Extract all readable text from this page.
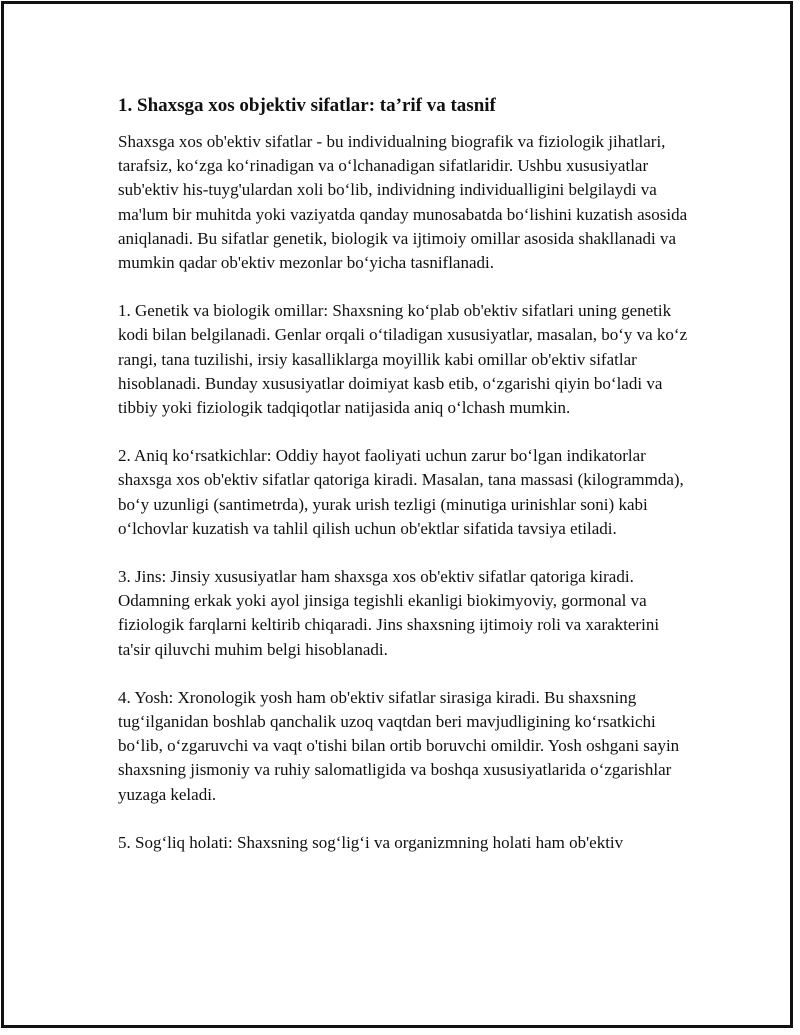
1. Shaxsga xos objektiv sifatlar: ta’rif va tasnif

Shaxsga xos ob'ektiv sifatlar - bu individualning biografik va fiziologik jihatlari, tarafsiz, ko‘zga ko‘rinadigan va o‘lchanadigan sifatlaridir. Ushbu xususiyatlar sub'ektiv his-tuyg'ulardan xoli bo‘lib, individning individualligini belgilaydi va ma'lum bir muhitda yoki vaziyatda qanday munosabatda bo‘lishini kuzatish asosida aniqlanadi. Bu sifatlar genetik, biologik va ijtimoiy omillar asosida shakllanadi va mumkin qadar ob'ektiv mezonlar bo‘yicha tasniflanadi.

1. Genetik va biologik omillar: Shaxsning ko‘plab ob'ektiv sifatlari uning genetik kodi bilan belgilanadi. Genlar orqali o‘tiladigan xususiyatlar, masalan, bo‘y va ko‘z rangi, tana tuzilishi, irsiy kasalliklarga moyillik kabi omillar ob'ektiv sifatlar hisoblanadi. Bunday xususiyatlar doimiyat kasb etib, o‘zgarishi qiyin bo‘ladi va tibbiy yoki fiziologik tadqiqotlar natijasida aniq o‘lchash mumkin.

2. Aniq ko‘rsatkichlar: Oddiy hayot faoliyati uchun zarur bo‘lgan indikatorlar shaxsga xos ob'ektiv sifatlar qatoriga kiradi. Masalan, tana massasi (kilogrammda), bo‘y uzunligi (santimetrda), yurak urish tezligi (minutiga urinishlar soni) kabi o‘lchovlar kuzatish va tahlil qilish uchun ob'ektlar sifatida tavsiya etiladi.

3. Jins: Jinsiy xususiyatlar ham shaxsga xos ob'ektiv sifatlar qatoriga kiradi. Odamning erkak yoki ayol jinsiga tegishli ekanligi biokimyoviy, gormonal va fiziologik farqlarni keltirib chiqaradi. Jins shaxsning ijtimoiy roli va xarakterini ta'sir qiluvchi muhim belgi hisoblanadi.

4. Yosh: Xronologik yosh ham ob'ektiv sifatlar sirasiga kiradi. Bu shaxsning tug‘ilganidan boshlab qanchalik uzoq vaqtdan beri mavjudligining ko‘rsatkichi bo‘lib, o‘zgaruvchi va vaqt o'tishi bilan ortib boruvchi omildir. Yosh oshgani sayin shaxsning jismoniy va ruhiy salomatligida va boshqa xususiyatlarida o‘zgarishlar yuzaga keladi.

5. Sog‘liq holati: Shaxsning sog‘lig‘i va organizmning holati ham ob'ektiv
